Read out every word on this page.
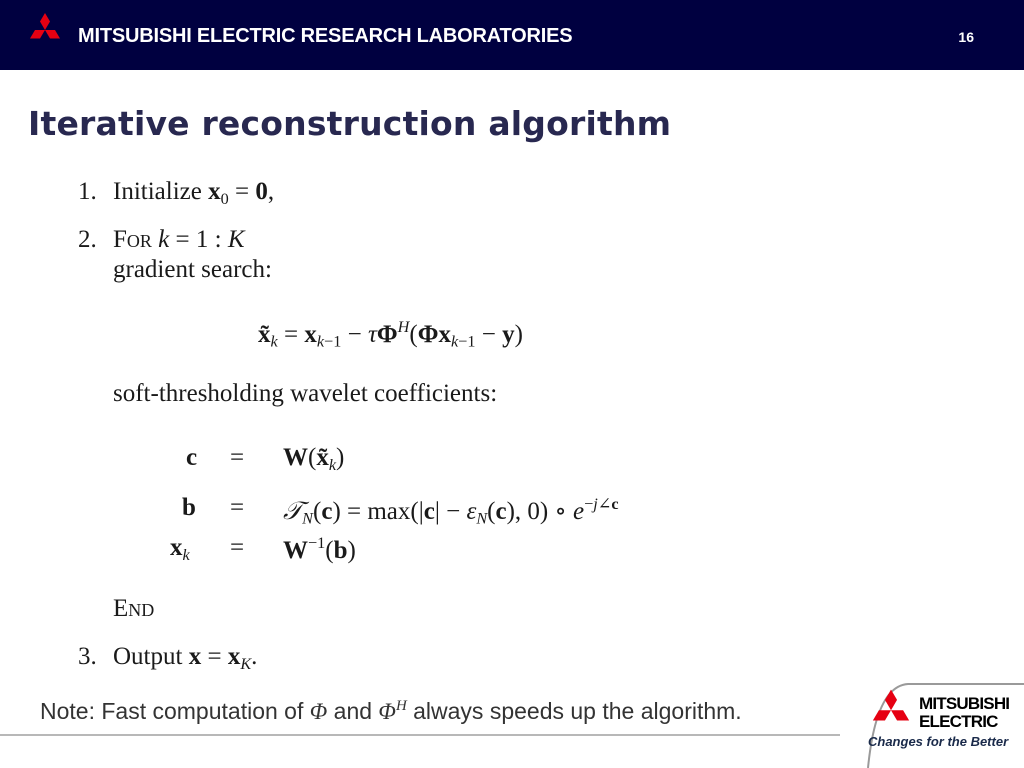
MITSUBISHI ELECTRIC RESEARCH LABORATORIES	16
Iterative reconstruction algorithm
1. Initialize $x_0 = 0$,
2. For k = 1 : K
gradient search:
$x̃_k = x_{k-1} - \tau\Phi^H(\Phi x_{k-1} - y)$
soft-thresholding wavelet coefficients:
$c = W(x̃_k)$
b = 𝒯$_N$(c) = $\max(|c| - \varepsilon_N(c)$, 0) ∘ $e^{-j\angle c}$
$x_k = W^{-1}(b)$
End
3. Output $x = x_K$.
Note: Fast computation of Φ and $\Phi^H$ always speeds up the algorithm.	MITSUBISHI
ELECTRIC
Changes for the Better
